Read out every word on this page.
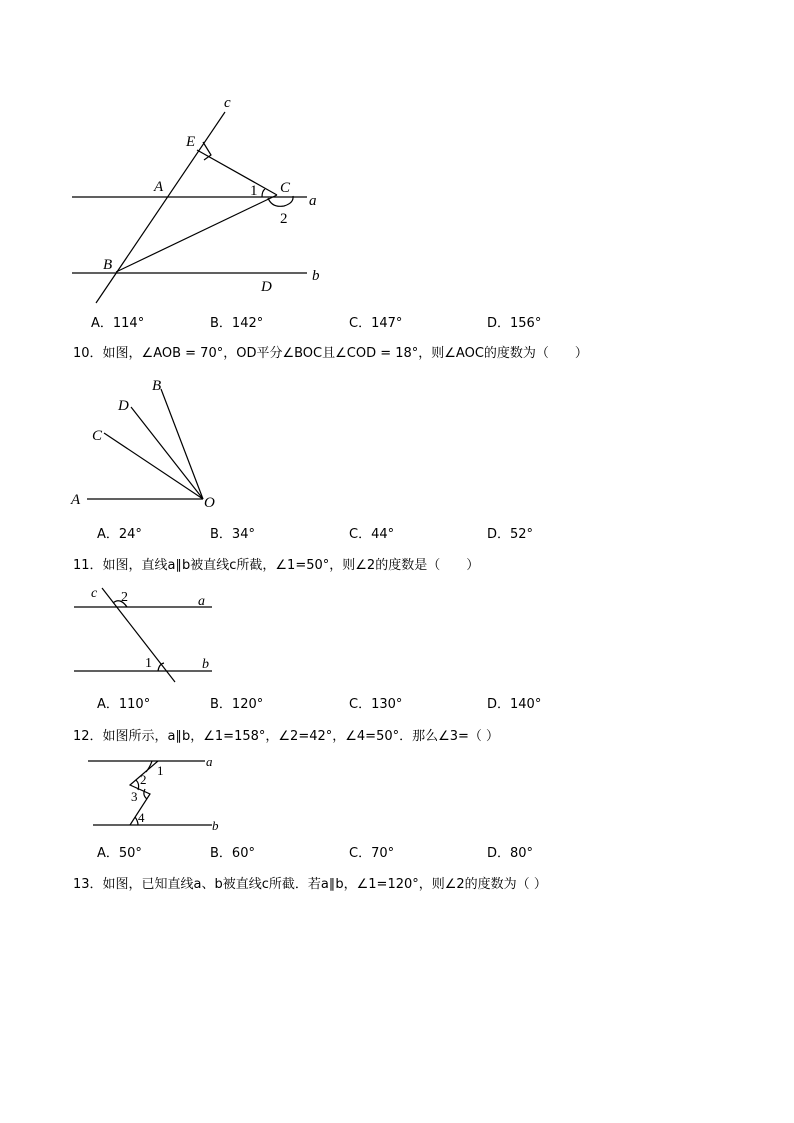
c
E
A	1 C
a
2
B
b
D
A．114°	B．142°	C．147°	D．156°
10．如图，∠AOB = 70°，OD平分∠BOC且∠COD = 18°，则∠AOC的度数为（　　）
B
D
C
A	O
A．24°	B．34°	C．44°	D．52°
11．如图，直线a∥b被直线c所截，∠1=50°，则∠2的度数是（　　）
c 2	a
1	b
A．110°	B．120°	C．130°	D．140°
12．如图所示，a∥b，∠1=158°，∠2=42°，∠4=50°．那么∠3=（ ）
1
a
2
3
4
b
A．50°	B．60°	C．70°	D．80°
13．如图，已知直线a、b被直线c所截．若a∥b，∠1=120°，则∠2的度数为（ ）
